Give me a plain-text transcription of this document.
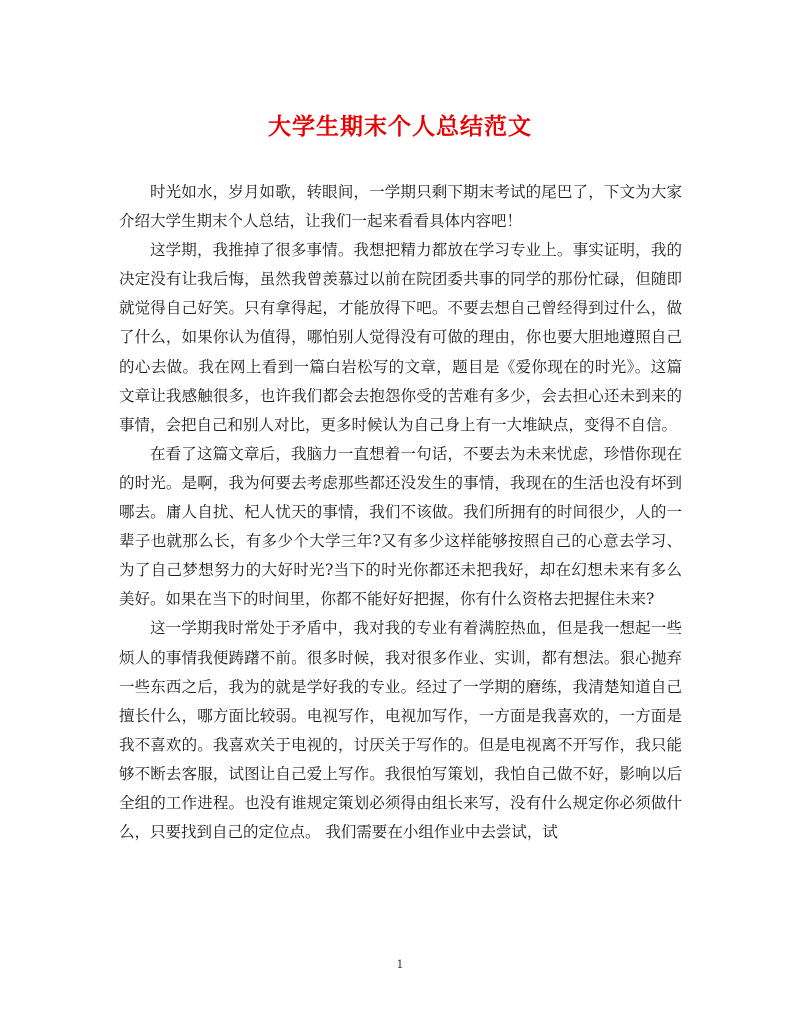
大学生期末个人总结范文

时光如水，岁月如歌，转眼间，一学期只剩下期末考试的尾巴了，下文为大家介绍大学生期末个人总结，让我们一起来看看具体内容吧！

这学期，我推掉了很多事情。我想把精力都放在学习专业上。事实证明，我的决定没有让我后悔，虽然我曾羡慕过以前在院团委共事的同学的那份忙碌，但随即就觉得自己好笑。只有拿得起，才能放得下吧。不要去想自己曾经得到过什么，做了什么，如果你认为值得，哪怕别人觉得没有可做的理由，你也要大胆地遵照自己的心去做。我在网上看到一篇白岩松写的文章，题目是《爱你现在的时光》。这篇文章让我感触很多，也许我们都会去抱怨你受的苦难有多少，会去担心还未到来的事情，会把自己和别人对比，更多时候认为自己身上有一大堆缺点，变得不自信。

在看了这篇文章后，我脑力一直想着一句话，不要去为未来忧虑，珍惜你现在的时光。是啊，我为何要去考虑那些都还没发生的事情，我现在的生活也没有坏到哪去。庸人自扰、杞人忧天的事情，我们不该做。我们所拥有的时间很少，人的一辈子也就那么长，有多少个大学三年?又有多少这样能够按照自己的心意去学习、为了自己梦想努力的大好时光?当下的时光你都还未把我好，却在幻想未来有多么美好。如果在当下的时间里，你都不能好好把握，你有什么资格去把握住未来?

这一学期我时常处于矛盾中，我对我的专业有着满腔热血，但是我一想起一些烦人的事情我便踌躇不前。很多时候，我对很多作业、实训，都有想法。狠心抛弃一些东西之后，我为的就是学好我的专业。经过了一学期的磨练，我清楚知道自己擅长什么，哪方面比较弱。电视写作，电视加写作，一方面是我喜欢的，一方面是我不喜欢的。我喜欢关于电视的，讨厌关于写作的。但是电视离不开写作，我只能够不断去客服，试图让自己爱上写作。我很怕写策划，我怕自己做不好，影响以后全组的工作进程。也没有谁规定策划必须得由组长来写，没有什么规定你必须做什么，只要找到自己的定位点。 我们需要在小组作业中去尝试，试

1
